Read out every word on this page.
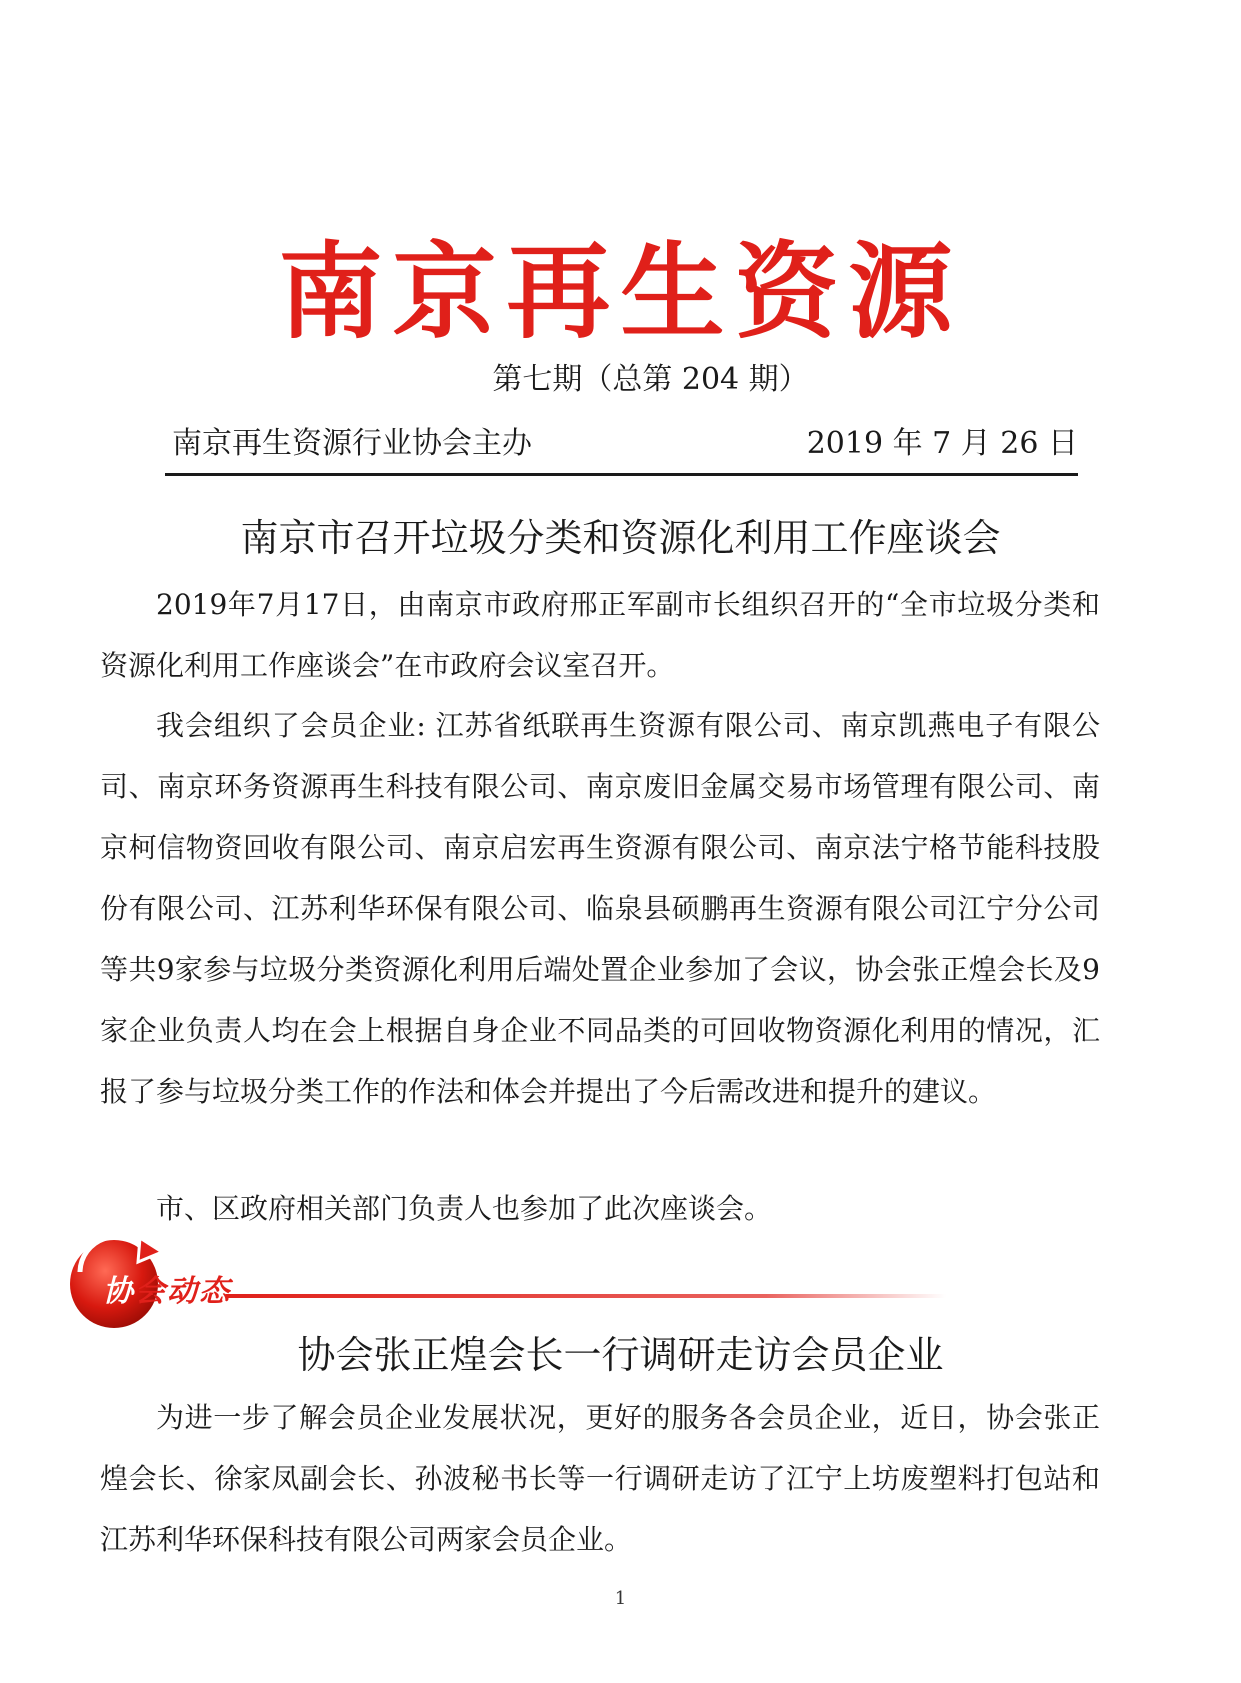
南京再生资源
第七期（总第 204 期）
南京再生资源行业协会主办	2019 年 7 月 26 日
南京市召开垃圾分类和资源化利用工作座谈会

2019年7月17日，由南京市政府邢正军副市长组织召开的“全市垃圾分类和资源化利用工作座谈会”在市政府会议室召开。

我会组织了会员企业: 江苏省纸联再生资源有限公司、南京凯燕电子有限公司、南京环务资源再生科技有限公司、南京废旧金属交易市场管理有限公司、南京柯信物资回收有限公司、南京启宏再生资源有限公司、南京法宁格节能科技股份有限公司、江苏利华环保有限公司、临泉县硕鹏再生资源有限公司江宁分公司等共9家参与垃圾分类资源化利用后端处置企业参加了会议，协会张正煌会长及9家企业负责人均在会上根据自身企业不同品类的可回收物资源化利用的情况，汇报了参与垃圾分类工作的作法和体会并提出了今后需改进和提升的建议。

市、区政府相关部门负责人也参加了此次座谈会。

协会动态
协会张正煌会长一行调研走访会员企业

为进一步了解会员企业发展状况，更好的服务各会员企业，近日，协会张正煌会长、徐家凤副会长、孙波秘书长等一行调研走访了江宁上坊废塑料打包站和江苏利华环保科技有限公司两家会员企业。

1
